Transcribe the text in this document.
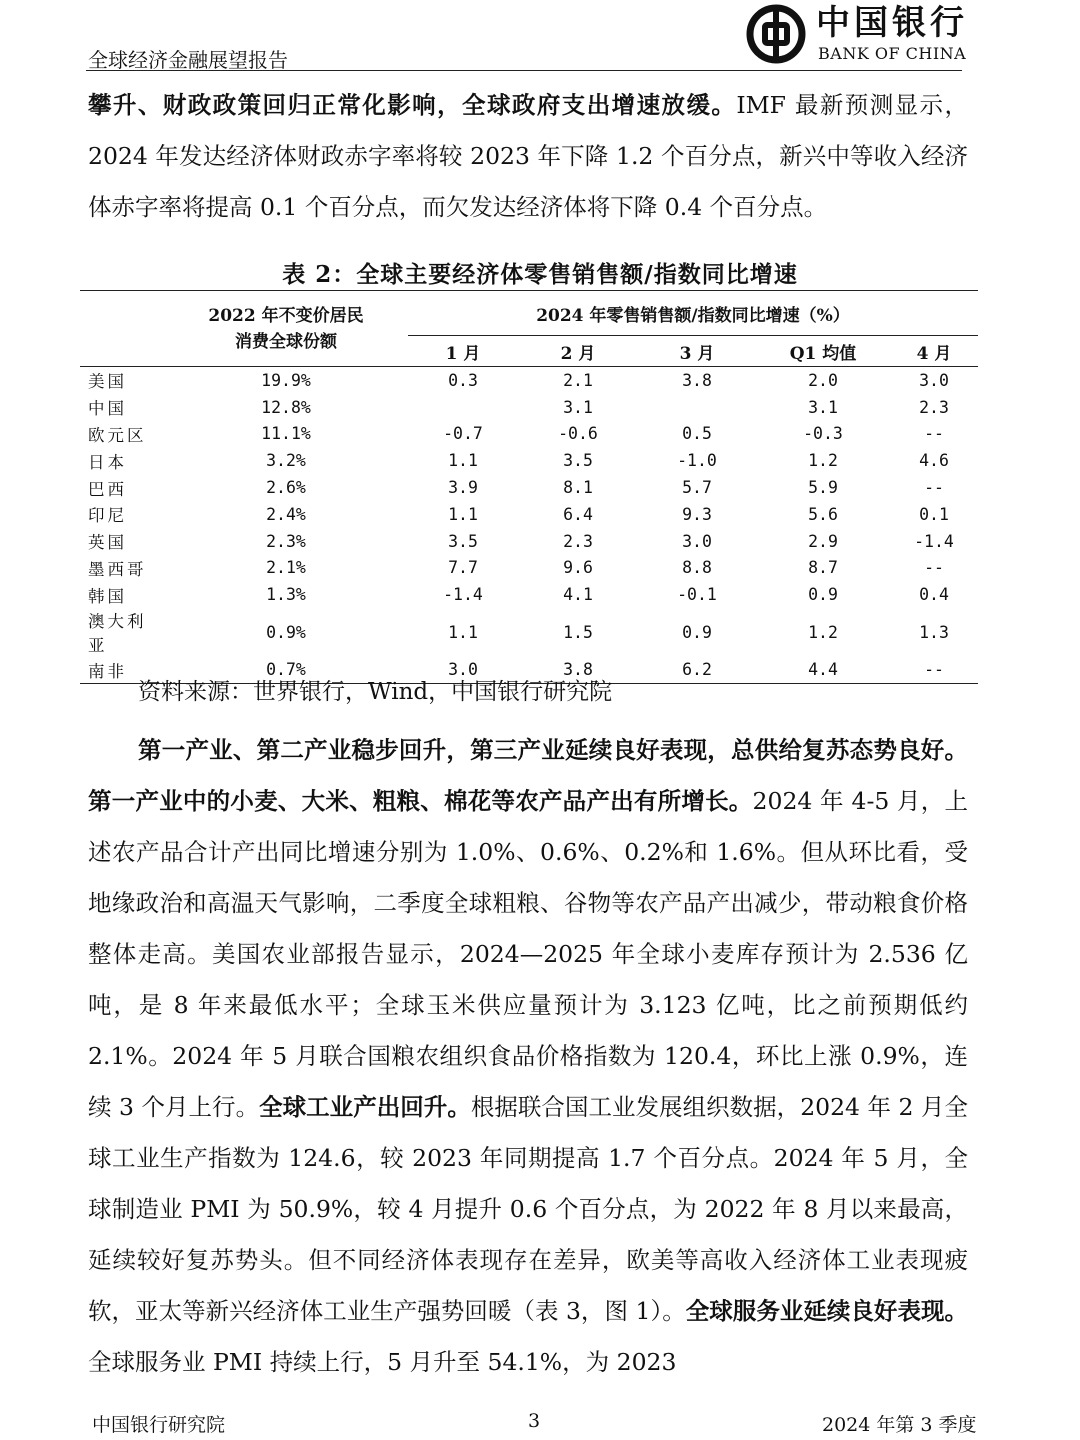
全球经济金融展望报告
中国银行
BANK OF CHINA
攀升、财政政策回归正常化影响，全球政府支出增速放缓。IMF 最新预测显示，2024 年发达经济体财政赤字率将较 2023 年下降 1.2 个百分点，新兴中等收入经济体赤字率将提高 0.1 个百分点，而欠发达经济体将下降 0.4 个百分点。
表 2：全球主要经济体零售销售额/指数同比增速
	2022 年不变价居民消费全球份额	2024 年零售销售额/指数同比增速（%）				
		1 月	2 月	3 月	Q1 均值	4 月
美国	19.9%	0.3	2.1	3.8	2.0	3.0
中国	12.8%		3.1		3.1	2.3
欧元区	11.1%	-0.7	-0.6	0.5	-0.3	--
日本	3.2%	1.1	3.5	-1.0	1.2	4.6
巴西	2.6%	3.9	8.1	5.7	5.9	--
印尼	2.4%	1.1	6.4	9.3	5.6	0.1
英国	2.3%	3.5	2.3	3.0	2.9	-1.4
墨西哥	2.1%	7.7	9.6	8.8	8.7	--
韩国	1.3%	-1.4	4.1	-0.1	0.9	0.4
澳大利亚	0.9%	1.1	1.5	0.9	1.2	1.3
南非	0.7%	3.0	3.8	6.2	4.4	--
资料来源：世界银行，Wind，中国银行研究院
第一产业、第二产业稳步回升，第三产业延续良好表现，总供给复苏态势良好。第一产业中的小麦、大米、粗粮、棉花等农产品产出有所增长。2024 年 4-5 月，上述农产品合计产出同比增速分别为 1.0%、0.6%、0.2%和 1.6%。但从环比看，受地缘政治和高温天气影响，二季度全球粗粮、谷物等农产品产出减少，带动粮食价格整体走高。美国农业部报告显示，2024—2025 年全球小麦库存预计为 2.536 亿吨，是 8 年来最低水平；全球玉米供应量预计为 3.123 亿吨，比之前预期低约 2.1%。2024 年 5 月联合国粮农组织食品价格指数为 120.4，环比上涨 0.9%，连续 3 个月上行。全球工业产出回升。根据联合国工业发展组织数据，2024 年 2 月全球工业生产指数为 124.6，较 2023 年同期提高 1.7 个百分点。2024 年 5 月，全球制造业 PMI 为 50.9%，较 4 月提升 0.6 个百分点，为 2022 年 8 月以来最高，延续较好复苏势头。但不同经济体表现存在差异，欧美等高收入经济体工业表现疲软，亚太等新兴经济体工业生产强势回暖（表 3，图 1）。全球服务业延续良好表现。全球服务业 PMI 持续上行，5 月升至 54.1%，为 2023
中国银行研究院	3	2024 年第 3 季度
